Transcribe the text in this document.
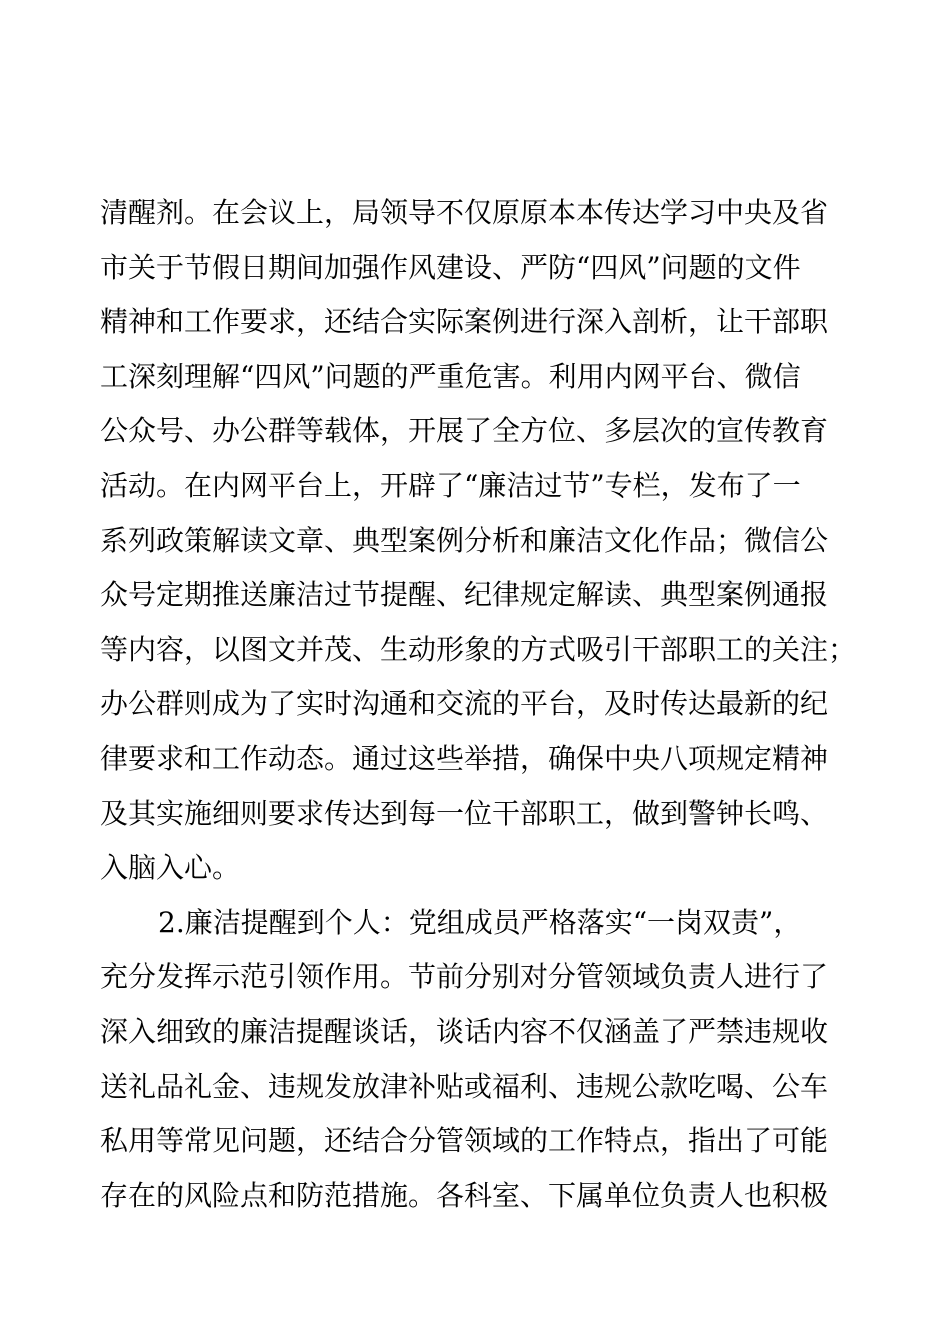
清醒剂。在会议上，局领导不仅原原本本传达学习中央及省
市关于节假日期间加强作风建设、严防“四风”问题的文件
精神和工作要求，还结合实际案例进行深入剖析，让干部职
工深刻理解“四风”问题的严重危害。利用内网平台、微信
公众号、办公群等载体，开展了全方位、多层次的宣传教育
活动。在内网平台上，开辟了“廉洁过节”专栏，发布了一
系列政策解读文章、典型案例分析和廉洁文化作品；微信公
众号定期推送廉洁过节提醒、纪律规定解读、典型案例通报
等内容，以图文并茂、生动形象的方式吸引干部职工的关注；
办公群则成为了实时沟通和交流的平台，及时传达最新的纪
律要求和工作动态。通过这些举措，确保中央八项规定精神
及其实施细则要求传达到每一位干部职工，做到警钟长鸣、
入脑入心。
2.廉洁提醒到个人：党组成员严格落实“一岗双责”，
充分发挥示范引领作用。节前分别对分管领域负责人进行了
深入细致的廉洁提醒谈话，谈话内容不仅涵盖了严禁违规收
送礼品礼金、违规发放津补贴或福利、违规公款吃喝、公车
私用等常见问题，还结合分管领域的工作特点，指出了可能
存在的风险点和防范措施。各科室、下属单位负责人也积极
